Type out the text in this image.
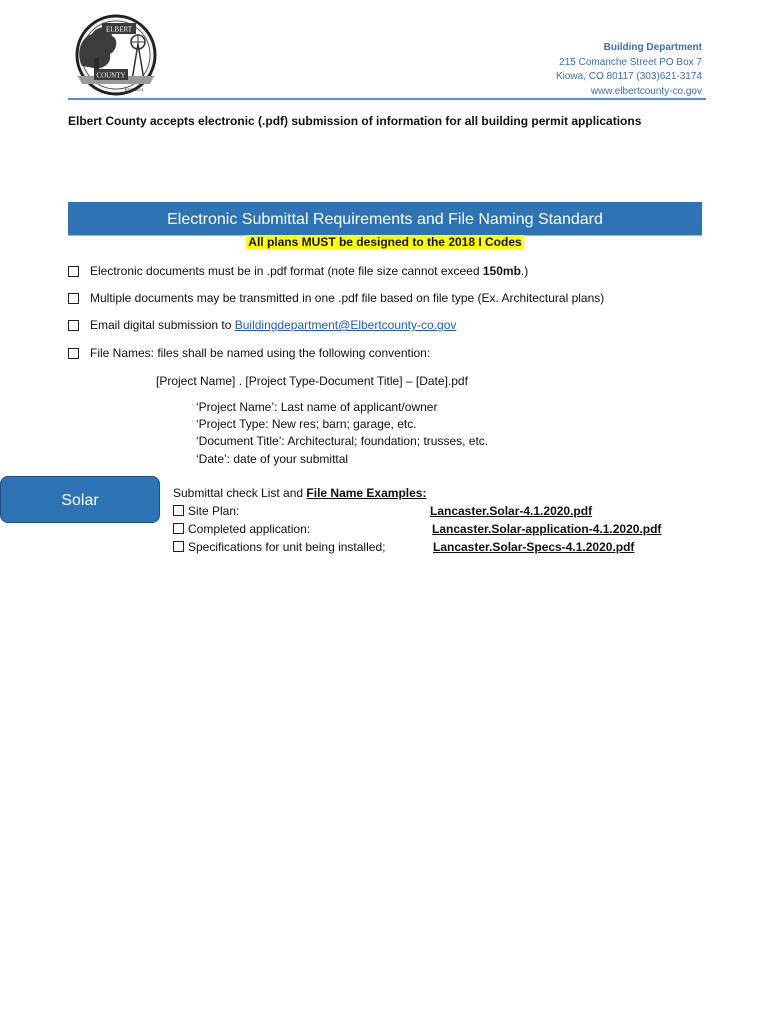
ELBERT
COUNTY
EST. 1874
Building Department
215 Comanche Street PO Box 7
Kiowa, CO 80117 (303)621-3174
www.elbertcounty-co.gov
Elbert County accepts electronic (.pdf) submission of information for all building permit applications
Electronic Submittal Requirements and File Naming Standard
All plans MUST be designed to the 2018 I Codes
Electronic documents must be in .pdf format (note file size cannot exceed 150mb.)
Multiple documents may be transmitted in one .pdf file based on file type (Ex. Architectural plans)
Email digital submission to Buildingdepartment@Elbertcounty-co.gov
File Names: files shall be named using the following convention:
[Project Name] . [Project Type-Document Title] – [Date].pdf
‘Project Name’: Last name of applicant/owner
‘Project Type: New res; barn; garage, etc.
‘Document Title’: Architectural; foundation; trusses, etc.
‘Date’: date of your submittal
Solar	Submittal check List and File Name Examples:
Site Plan:	Lancaster.Solar-4.1.2020.pdf
Completed application:	Lancaster.Solar-application-4.1.2020.pdf
Specifications for unit being installed;	Lancaster.Solar-Specs-4.1.2020.pdf
